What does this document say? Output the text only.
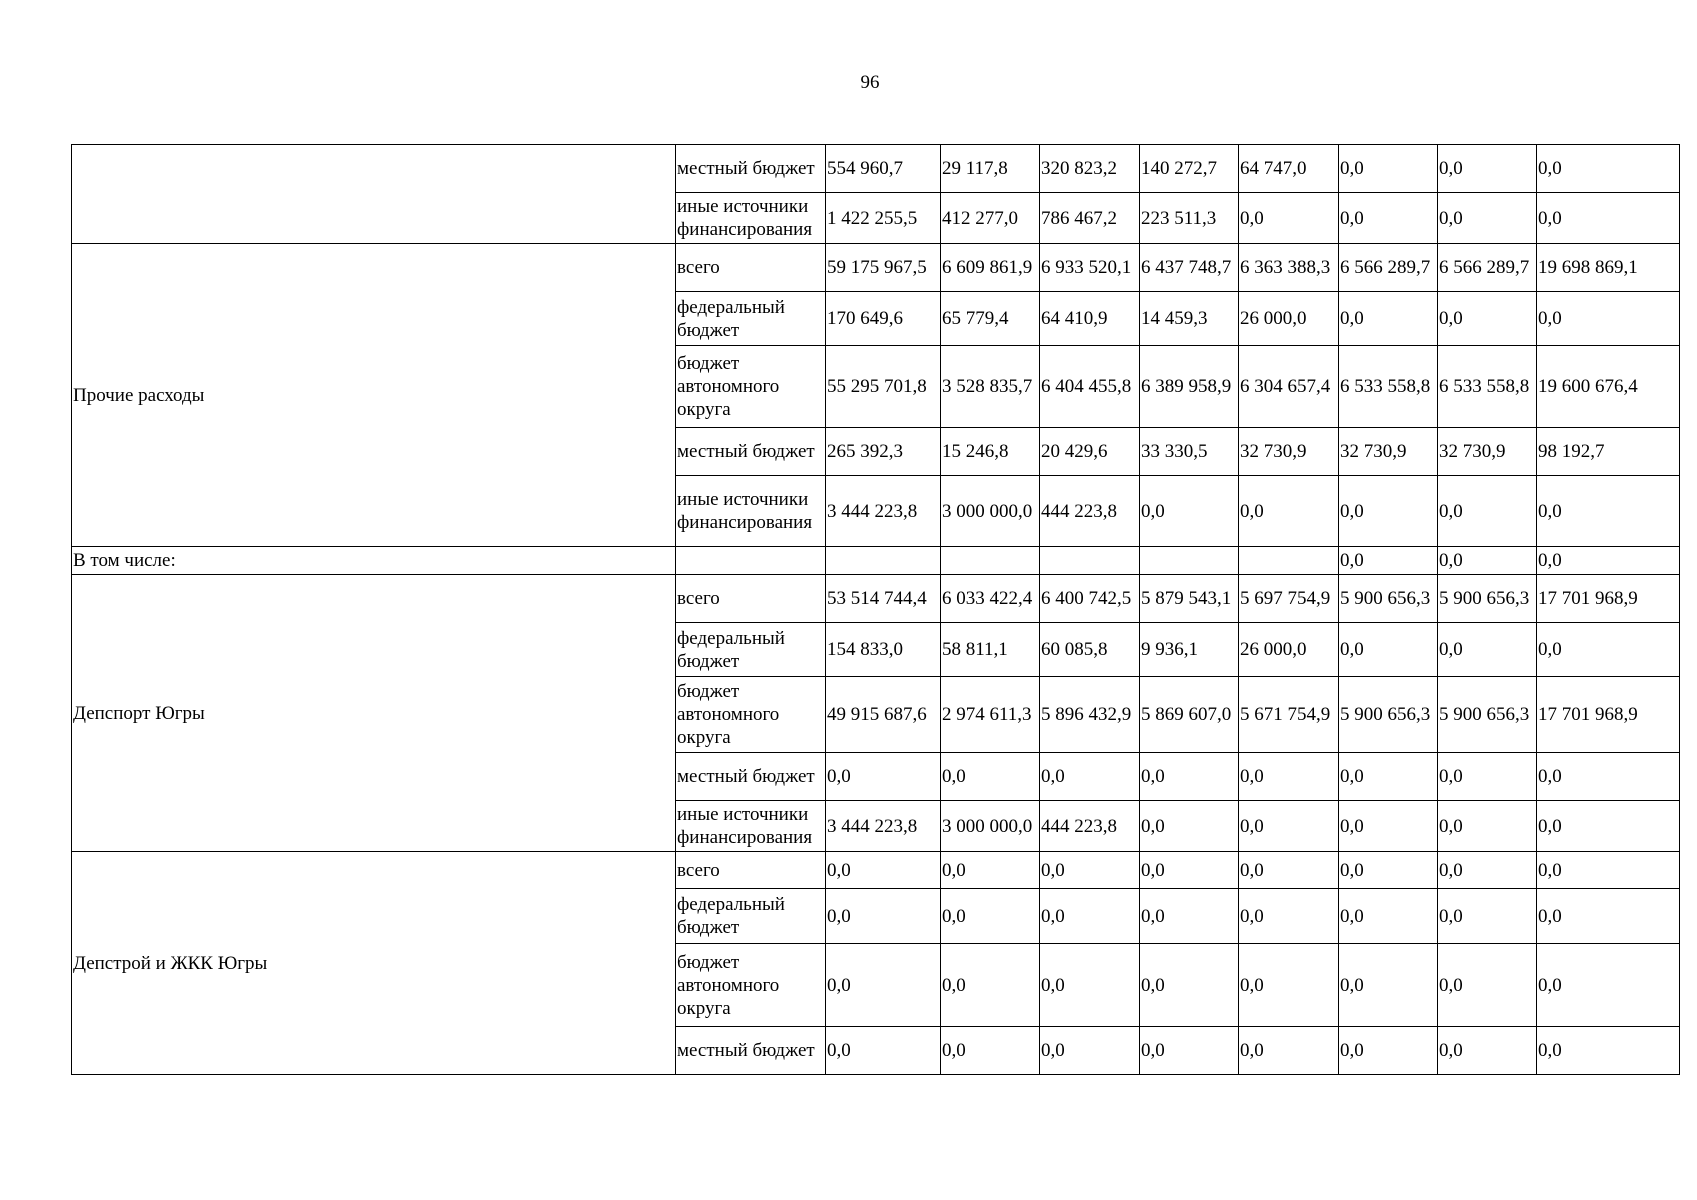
96
	местный бюджет	554 960,7	29 117,8	320 823,2	140 272,7	64 747,0	0,0	0,0	0,0
	иные источники финансирования	1 422 255,5	412 277,0	786 467,2	223 511,3	0,0	0,0	0,0	0,0
Прочие расходы	всего	59 175 967,5	6 609 861,9	6 933 520,1	6 437 748,7	6 363 388,3	6 566 289,7	6 566 289,7	19 698 869,1
	федеральный бюджет	170 649,6	65 779,4	64 410,9	14 459,3	26 000,0	0,0	0,0	0,0
	бюджет автономного округа	55 295 701,8	3 528 835,7	6 404 455,8	6 389 958,9	6 304 657,4	6 533 558,8	6 533 558,8	19 600 676,4
	местный бюджет	265 392,3	15 246,8	20 429,6	33 330,5	32 730,9	32 730,9	32 730,9	98 192,7
	иные источники финансирования	3 444 223,8	3 000 000,0	444 223,8	0,0	0,0	0,0	0,0	0,0
В том числе:							0,0	0,0	0,0
Депспорт Югры	всего	53 514 744,4	6 033 422,4	6 400 742,5	5 879 543,1	5 697 754,9	5 900 656,3	5 900 656,3	17 701 968,9
	федеральный бюджет	154 833,0	58 811,1	60 085,8	9 936,1	26 000,0	0,0	0,0	0,0
	бюджет автономного округа	49 915 687,6	2 974 611,3	5 896 432,9	5 869 607,0	5 671 754,9	5 900 656,3	5 900 656,3	17 701 968,9
	местный бюджет	0,0	0,0	0,0	0,0	0,0	0,0	0,0	0,0
	иные источники финансирования	3 444 223,8	3 000 000,0	444 223,8	0,0	0,0	0,0	0,0	0,0
Депстрой и ЖКК Югры	всего	0,0	0,0	0,0	0,0	0,0	0,0	0,0	0,0
	федеральный бюджет	0,0	0,0	0,0	0,0	0,0	0,0	0,0	0,0
	бюджет автономного округа	0,0	0,0	0,0	0,0	0,0	0,0	0,0	0,0
	местный бюджет	0,0	0,0	0,0	0,0	0,0	0,0	0,0	0,0
